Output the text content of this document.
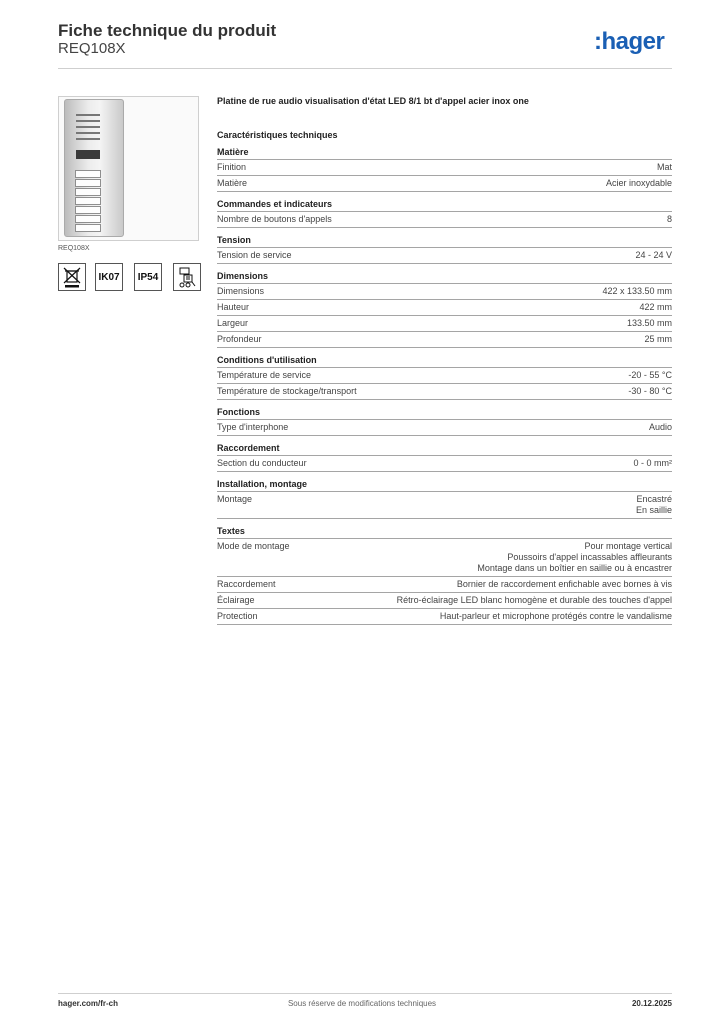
Fiche technique du produit
REQ108X	:hager
REQ108X
IK07	IP54
Platine de rue audio visualisation d'état LED 8/1 bt d'appel acier inox one
Caractéristiques techniques
Matière
Finition	Mat
Matière	Acier inoxydable
Commandes et indicateurs
Nombre de boutons d'appels	8
Tension
Tension de service	24 - 24 V
Dimensions
Dimensions	422 x 133.50 mm
Hauteur	422 mm
Largeur	133.50 mm
Profondeur	25 mm
Conditions d'utilisation
Température de service	-20 - 55 °C
Température de stockage/transport	-30 - 80 °C
Fonctions
Type d'interphone	Audio
Raccordement
Section du conducteur	0 - 0 mm²
Installation, montage
Montage	Encastré
En saillie
Textes
Mode de montage	Pour montage vertical
Poussoirs d'appel incassables affleurants
Montage dans un boîtier en saillie ou à encastrer
Raccordement	Bornier de raccordement enfichable avec bornes à vis
Éclairage	Rétro-éclairage LED blanc homogène et durable des touches d'appel
Protection	Haut-parleur et microphone protégés contre le vandalisme
hager.com/fr-ch	Sous réserve de modifications techniques	20.12.2025
